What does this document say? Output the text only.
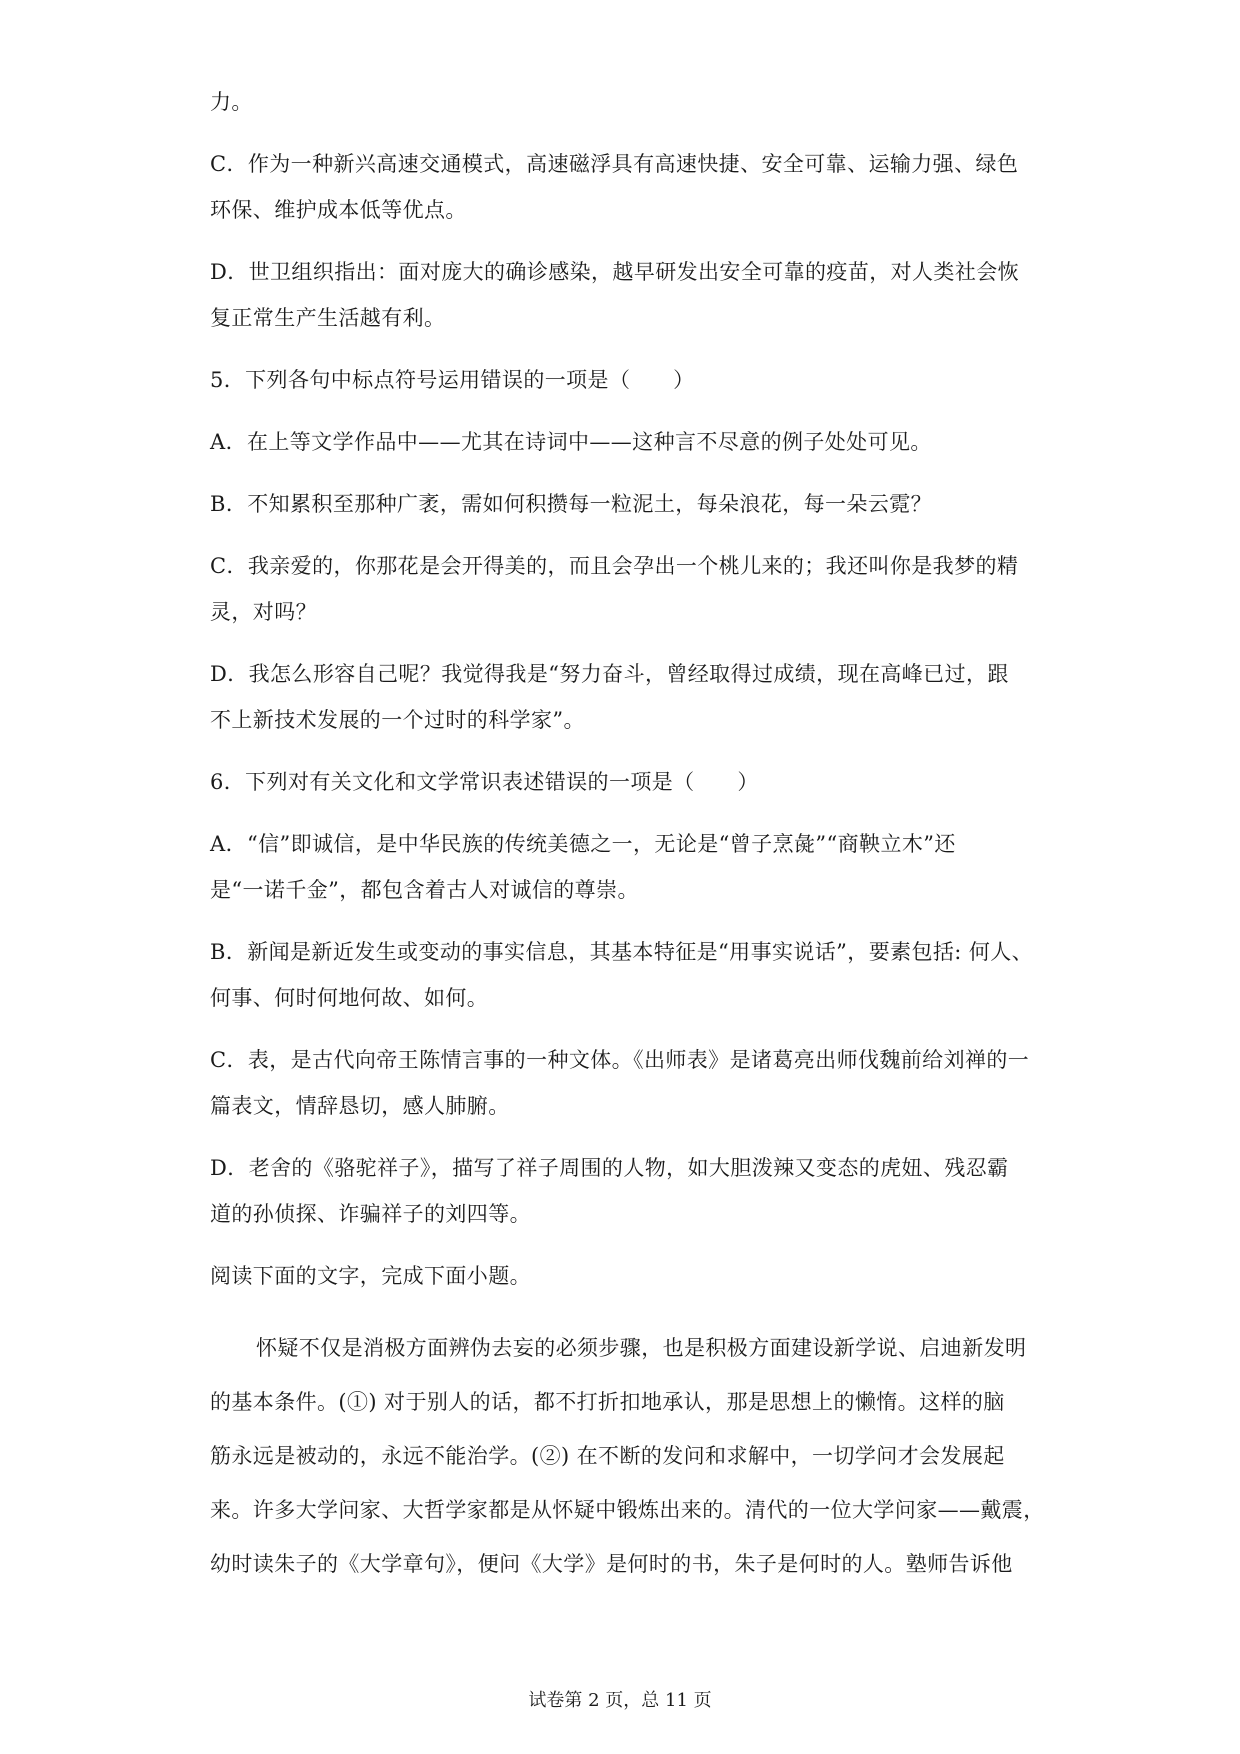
力。
C．作为一种新兴高速交通模式，高速磁浮具有高速快捷、安全可靠、运输力强、绿色
环保、维护成本低等优点。
D．世卫组织指出：面对庞大的确诊感染，越早研发出安全可靠的疫苗，对人类社会恢
复正常生产生活越有利。
5．下列各句中标点符号运用错误的一项是（　　）
A．在上等文学作品中——尤其在诗词中——这种言不尽意的例子处处可见。
B．不知累积至那种广袤，需如何积攒每一粒泥土，每朵浪花，每一朵云霓？
C．我亲爱的，你那花是会开得美的，而且会孕出一个桃儿来的；我还叫你是我梦的精
灵，对吗？
D．我怎么形容自己呢？我觉得我是“努力奋斗，曾经取得过成绩，现在高峰已过，跟
不上新技术发展的一个过时的科学家”。
6．下列对有关文化和文学常识表述错误的一项是（　　）
A．“信”即诚信，是中华民族的传统美德之一，无论是“曾子烹彘”“商鞅立木”还
是“一诺千金”，都包含着古人对诚信的尊崇。
B．新闻是新近发生或变动的事实信息，其基本特征是“用事实说话”，要素包括: 何人、
何事、何时何地何故、如何。
C．表，是古代向帝王陈情言事的一种文体。《出师表》是诸葛亮出师伐魏前给刘禅的一
篇表文，情辞恳切，感人肺腑。
D．老舍的《骆驼祥子》，描写了祥子周围的人物，如大胆泼辣又变态的虎妞、残忍霸
道的孙侦探、诈骗祥子的刘四等。
阅读下面的文字，完成下面小题。
怀疑不仅是消极方面辨伪去妄的必须步骤，也是积极方面建设新学说、启迪新发明
的基本条件。(①) 对于别人的话，都不打折扣地承认，那是思想上的懒惰。这样的脑
筋永远是被动的，永远不能治学。(②) 在不断的发问和求解中，一切学问才会发展起
来。许多大学问家、大哲学家都是从怀疑中锻炼出来的。清代的一位大学问家——戴震，
幼时读朱子的《大学章句》，便问《大学》是何时的书，朱子是何时的人。塾师告诉他
试卷第 2 页，总 11 页
